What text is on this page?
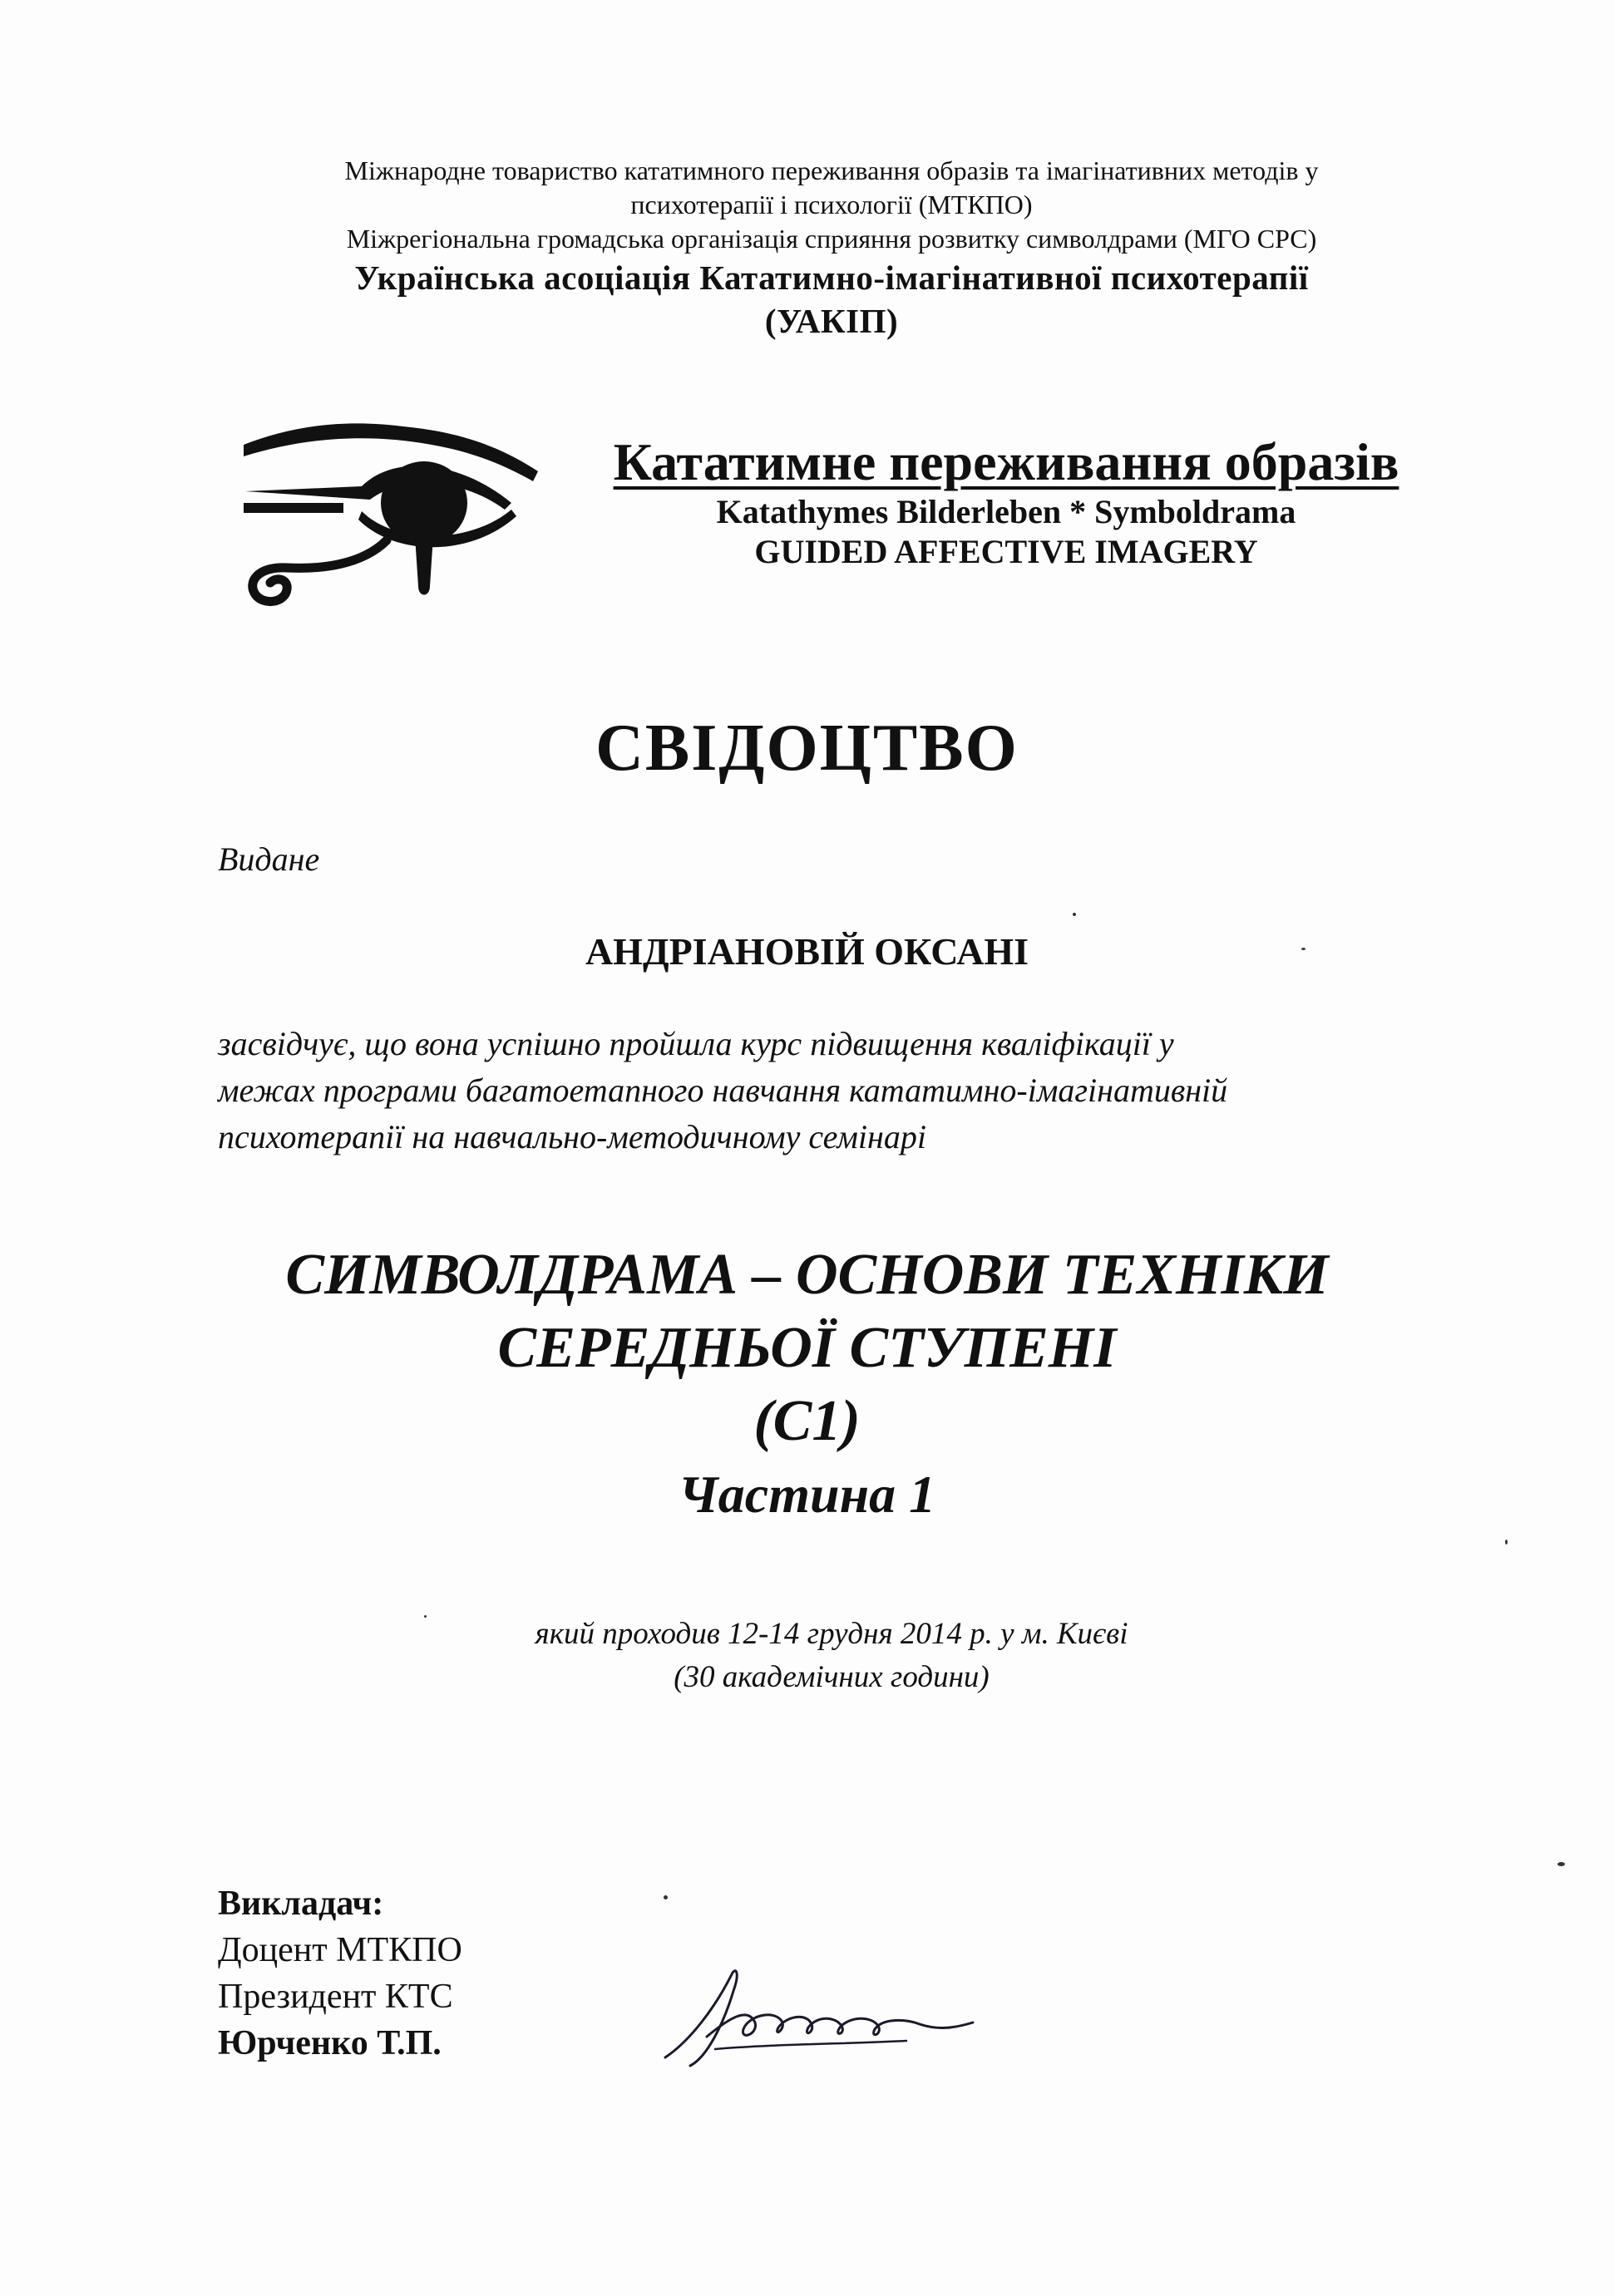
Міжнародне товариство кататимного переживання образів та імагінативних методів у
психотерапії і психології (МТКПО)
Міжрегіональна громадська організація сприяння розвитку символдрами (МГО СРС)
Українська асоціація Кататимно-імагінативної психотерапії
(УАКІП)
Кататимне переживання образів
Katathymes Bilderleben * Symboldrama
GUIDED AFFECTIVE IMAGERY
СВІДОЦТВО
Видане
АНДРІАНОВІЙ ОКСАНІ
засвідчує, що вона успішно пройшла курс підвищення кваліфікації у
межах програми багатоетапного навчання кататимно-імагінативній
психотерапії на навчально-методичному семінарі
СИМВОЛДРАМА – ОСНОВИ ТЕХНІКИ
СЕРЕДНЬОЇ СТУПЕНІ
(С1)
Частина 1
який проходив 12-14 грудня 2014 р. у м. Києві
(30 академічних години)
Викладач:
Доцент МТКПО
Президент КТС
Юрченко Т.П.
